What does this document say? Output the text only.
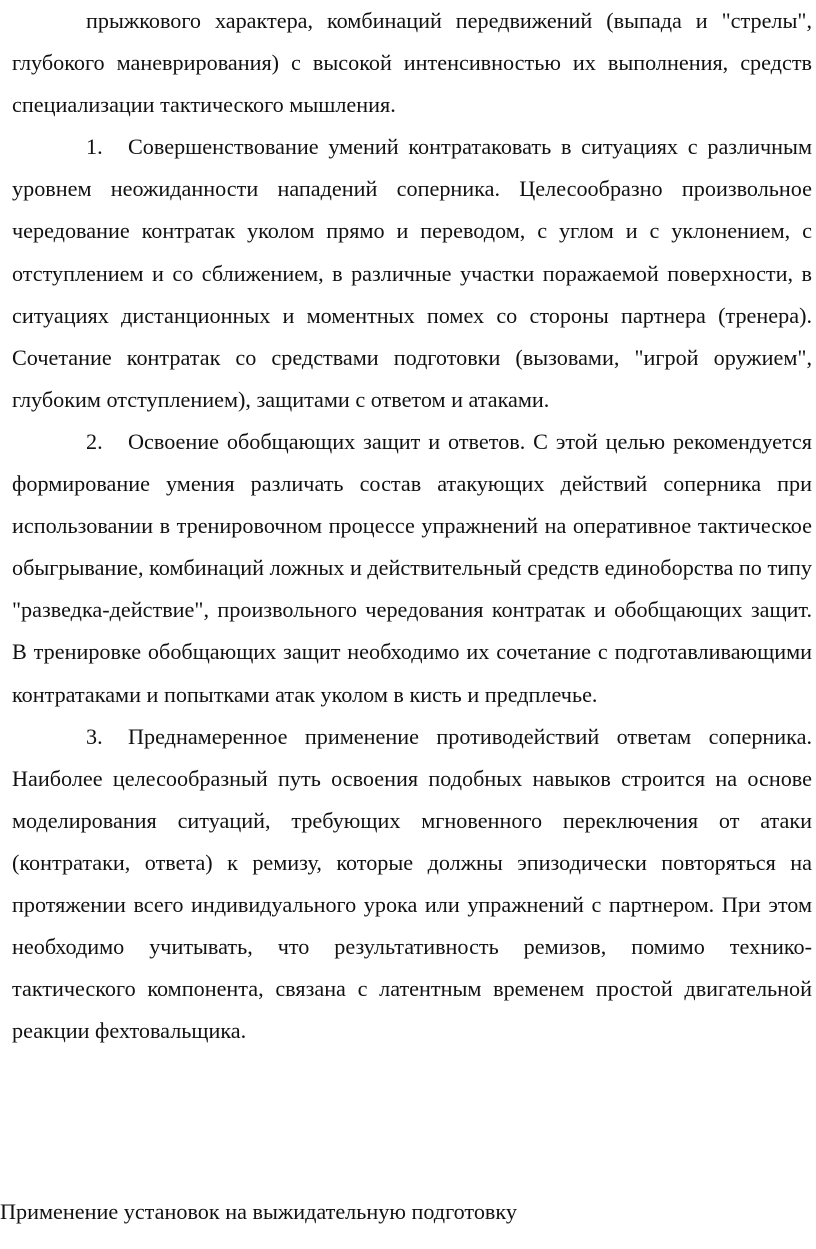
прыжкового характера, комбинаций передвижений (выпада и "стрелы", глубокого маневрирования) с высокой интенсивностью их выполнения, средств специализации тактического мышления.

1. Совершенствование умений контратаковать в ситуациях с различным уровнем неожиданности нападений соперника. Целесообразно произвольное чередование контратак уколом прямо и переводом, с углом и с уклонением, с отступлением и со сближением, в различные участки поражаемой поверхности, в ситуациях дистанционных и моментных помех со стороны партнера (тренера). Сочетание контратак со средствами подготовки (вызовами, "игрой оружием", глубоким отступлением), защитами с ответом и атаками.

2. Освоение обобщающих защит и ответов. С этой целью рекомендуется формирование умения различать состав атакующих действий соперника при использовании в тренировочном процессе упражнений на оперативное тактическое обыгрывание, комбинаций ложных и действительный средств единоборства по типу "разведка-действие", произвольного чередования контратак и обобщающих защит. В тренировке обобщающих защит необходимо их сочетание с подготавливающими контратаками и попытками атак уколом в кисть и предплечье.

3. Преднамеренное применение противодействий ответам соперника. Наиболее целесообразный путь освоения подобных навыков строится на основе моделирования ситуаций, требующих мгновенного переключения от атаки (контратаки, ответа) к ремизу, которые должны эпизодически повторяться на протяжении всего индивидуального урока или упражнений с партнером. При этом необходимо учитывать, что результативность ремизов, помимо технико-тактического компонента, связана с латентным временем простой двигательной реакции фехтовальщика.

Применение установок на выжидательную подготовку
